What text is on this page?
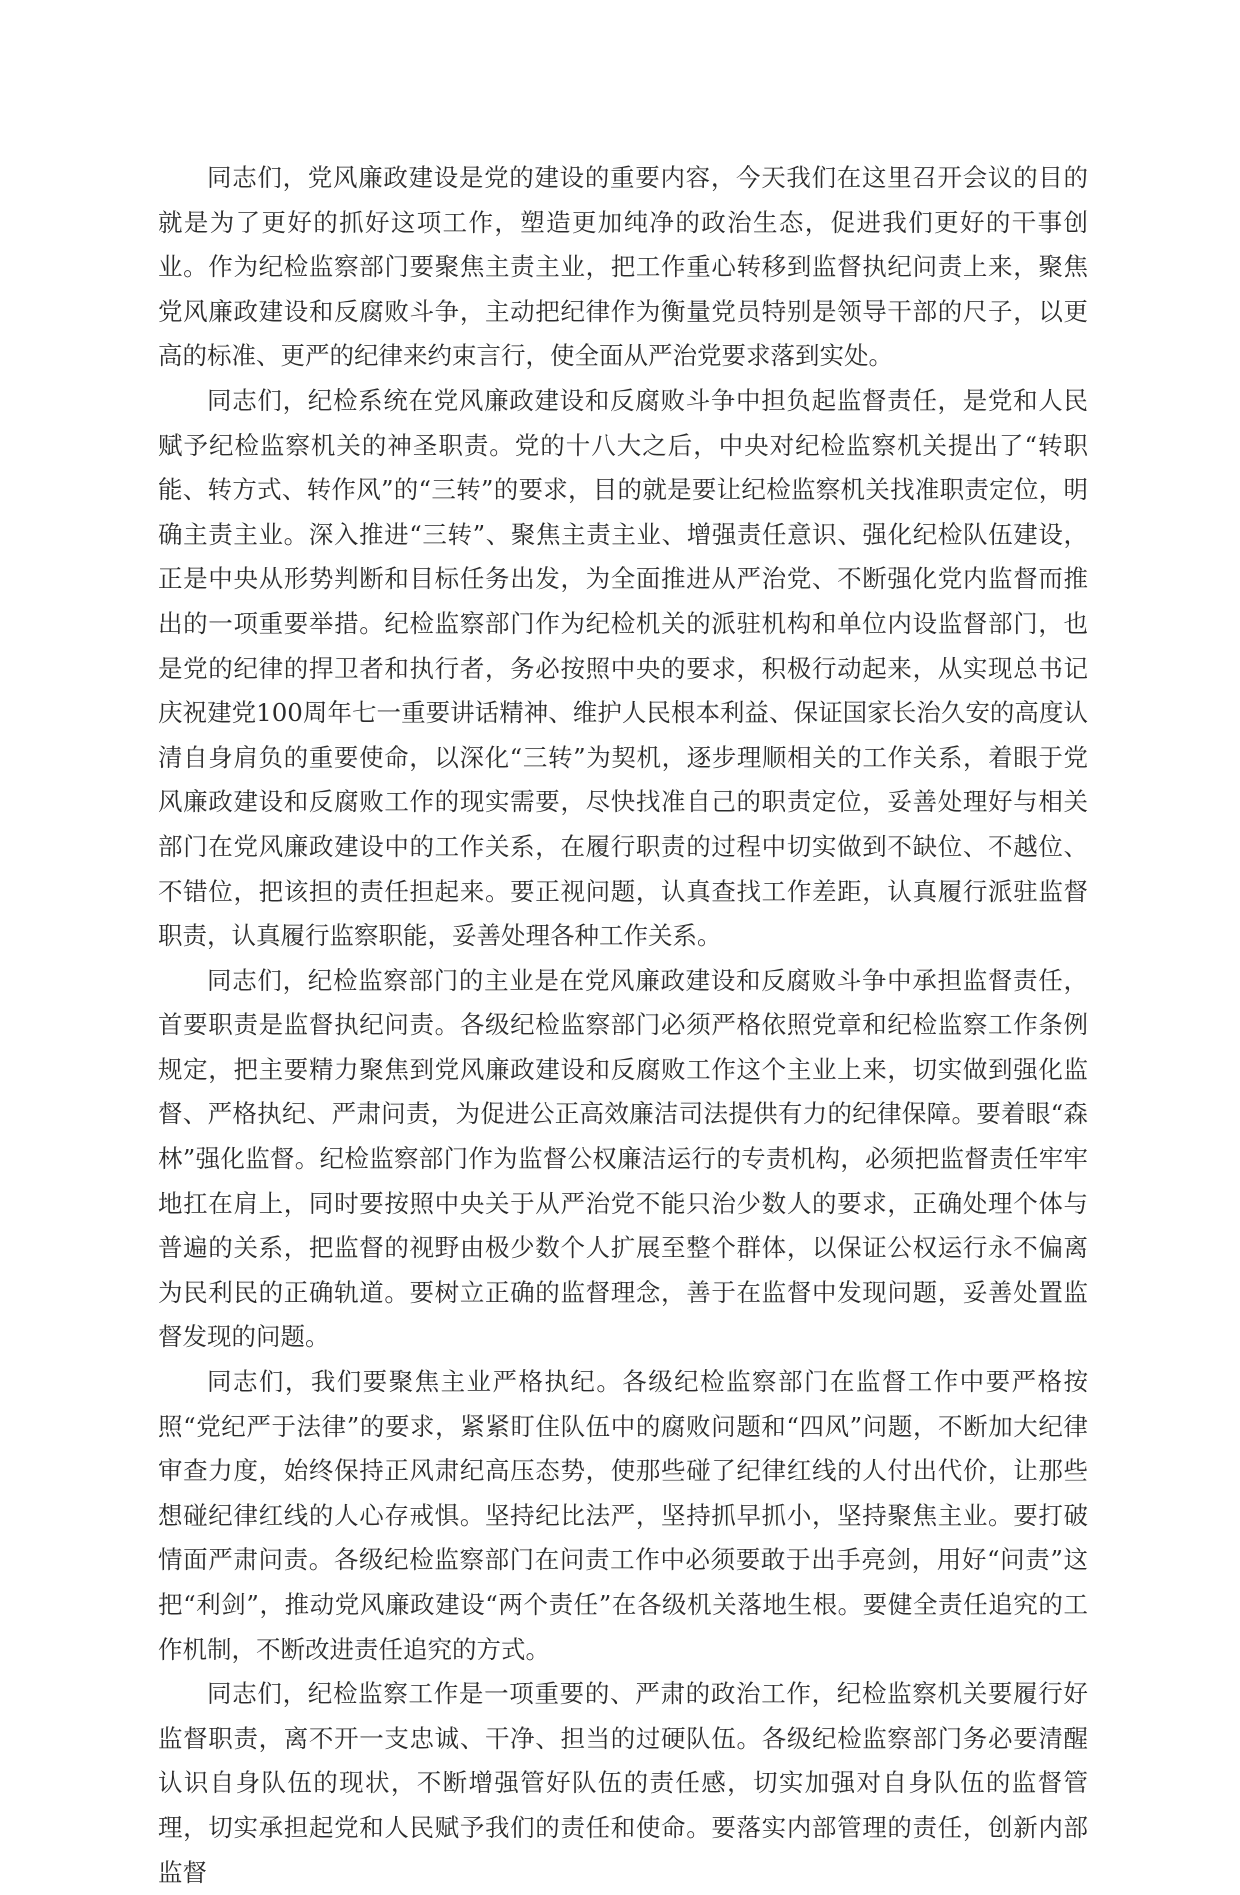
同志们，党风廉政建设是党的建设的重要内容，今天我们在这里召开会议的目的就是为了更好的抓好这项工作，塑造更加纯净的政治生态，促进我们更好的干事创业。作为纪检监察部门要聚焦主责主业，把工作重心转移到监督执纪问责上来，聚焦党风廉政建设和反腐败斗争，主动把纪律作为衡量党员特别是领导干部的尺子，以更高的标准、更严的纪律来约束言行，使全面从严治党要求落到实处。

同志们，纪检系统在党风廉政建设和反腐败斗争中担负起监督责任，是党和人民赋予纪检监察机关的神圣职责。党的十八大之后，中央对纪检监察机关提出了“转职能、转方式、转作风”的“三转”的要求，目的就是要让纪检监察机关找准职责定位，明确主责主业。深入推进“三转”、聚焦主责主业、增强责任意识、强化纪检队伍建设，正是中央从形势判断和目标任务出发，为全面推进从严治党、不断强化党内监督而推出的一项重要举措。纪检监察部门作为纪检机关的派驻机构和单位内设监督部门，也是党的纪律的捍卫者和执行者，务必按照中央的要求，积极行动起来，从实现总书记庆祝建党100周年七一重要讲话精神、维护人民根本利益、保证国家长治久安的高度认清自身肩负的重要使命，以深化“三转”为契机，逐步理顺相关的工作关系，着眼于党风廉政建设和反腐败工作的现实需要，尽快找准自己的职责定位，妥善处理好与相关部门在党风廉政建设中的工作关系，在履行职责的过程中切实做到不缺位、不越位、不错位，把该担的责任担起来。要正视问题，认真查找工作差距，认真履行派驻监督职责，认真履行监察职能，妥善处理各种工作关系。

同志们，纪检监察部门的主业是在党风廉政建设和反腐败斗争中承担监督责任，首要职责是监督执纪问责。各级纪检监察部门必须严格依照党章和纪检监察工作条例规定，把主要精力聚焦到党风廉政建设和反腐败工作这个主业上来，切实做到强化监督、严格执纪、严肃问责，为促进公正高效廉洁司法提供有力的纪律保障。要着眼“森林”强化监督。纪检监察部门作为监督公权廉洁运行的专责机构，必须把监督责任牢牢地扛在肩上，同时要按照中央关于从严治党不能只治少数人的要求，正确处理个体与普遍的关系，把监督的视野由极少数个人扩展至整个群体，以保证公权运行永不偏离为民利民的正确轨道。要树立正确的监督理念，善于在监督中发现问题，妥善处置监督发现的问题。

同志们，我们要聚焦主业严格执纪。各级纪检监察部门在监督工作中要严格按照“党纪严于法律”的要求，紧紧盯住队伍中的腐败问题和“四风”问题，不断加大纪律审查力度，始终保持正风肃纪高压态势，使那些碰了纪律红线的人付出代价，让那些想碰纪律红线的人心存戒惧。坚持纪比法严，坚持抓早抓小，坚持聚焦主业。要打破情面严肃问责。各级纪检监察部门在问责工作中必须要敢于出手亮剑，用好“问责”这把“利剑”，推动党风廉政建设“两个责任”在各级机关落地生根。要健全责任追究的工作机制，不断改进责任追究的方式。

同志们，纪检监察工作是一项重要的、严肃的政治工作，纪检监察机关要履行好监督职责，离不开一支忠诚、干净、担当的过硬队伍。各级纪检监察部门务必要清醒认识自身队伍的现状，不断增强管好队伍的责任感，切实加强对自身队伍的监督管理，切实承担起党和人民赋予我们的责任和使命。要落实内部管理的责任，创新内部监督
